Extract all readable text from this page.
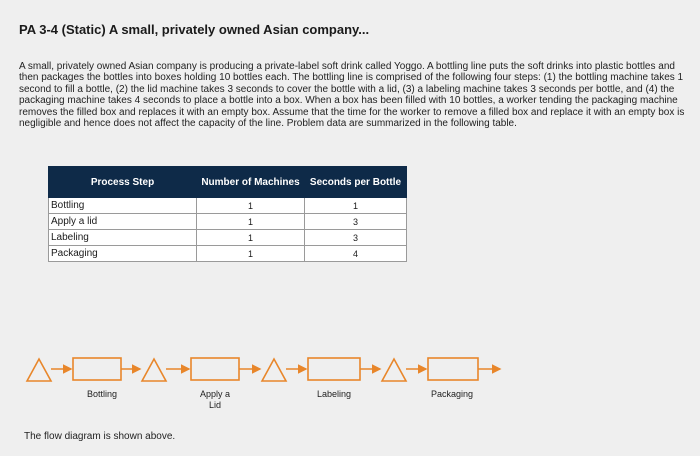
PA 3-4 (Static) A small, privately owned Asian company...
A small, privately owned Asian company is producing a private-label soft drink called Yoggo. A bottling line puts the soft drinks into plastic bottles and then packages the bottles into boxes holding 10 bottles each. The bottling line is comprised of the following four steps: (1) the bottling machine takes 1 second to fill a bottle, (2) the lid machine takes 3 seconds to cover the bottle with a lid, (3) a labeling machine takes 3 seconds per bottle, and (4) the packaging machine takes 4 seconds to place a bottle into a box. When a box has been filled with 10 bottles, a worker tending the packaging machine removes the filled box and replaces it with an empty box. Assume that the time for the worker to remove a filled box and replace it with an empty box is negligible and hence does not affect the capacity of the line. Problem data are summarized in the following table.
Process Step	Number of Machines	Seconds per Bottle
Bottling	1	1
Apply a lid	1	3
Labeling	1	3
Packaging	1	4
Bottling	Apply a Lid
Labeling	Packaging
The flow diagram is shown above.
